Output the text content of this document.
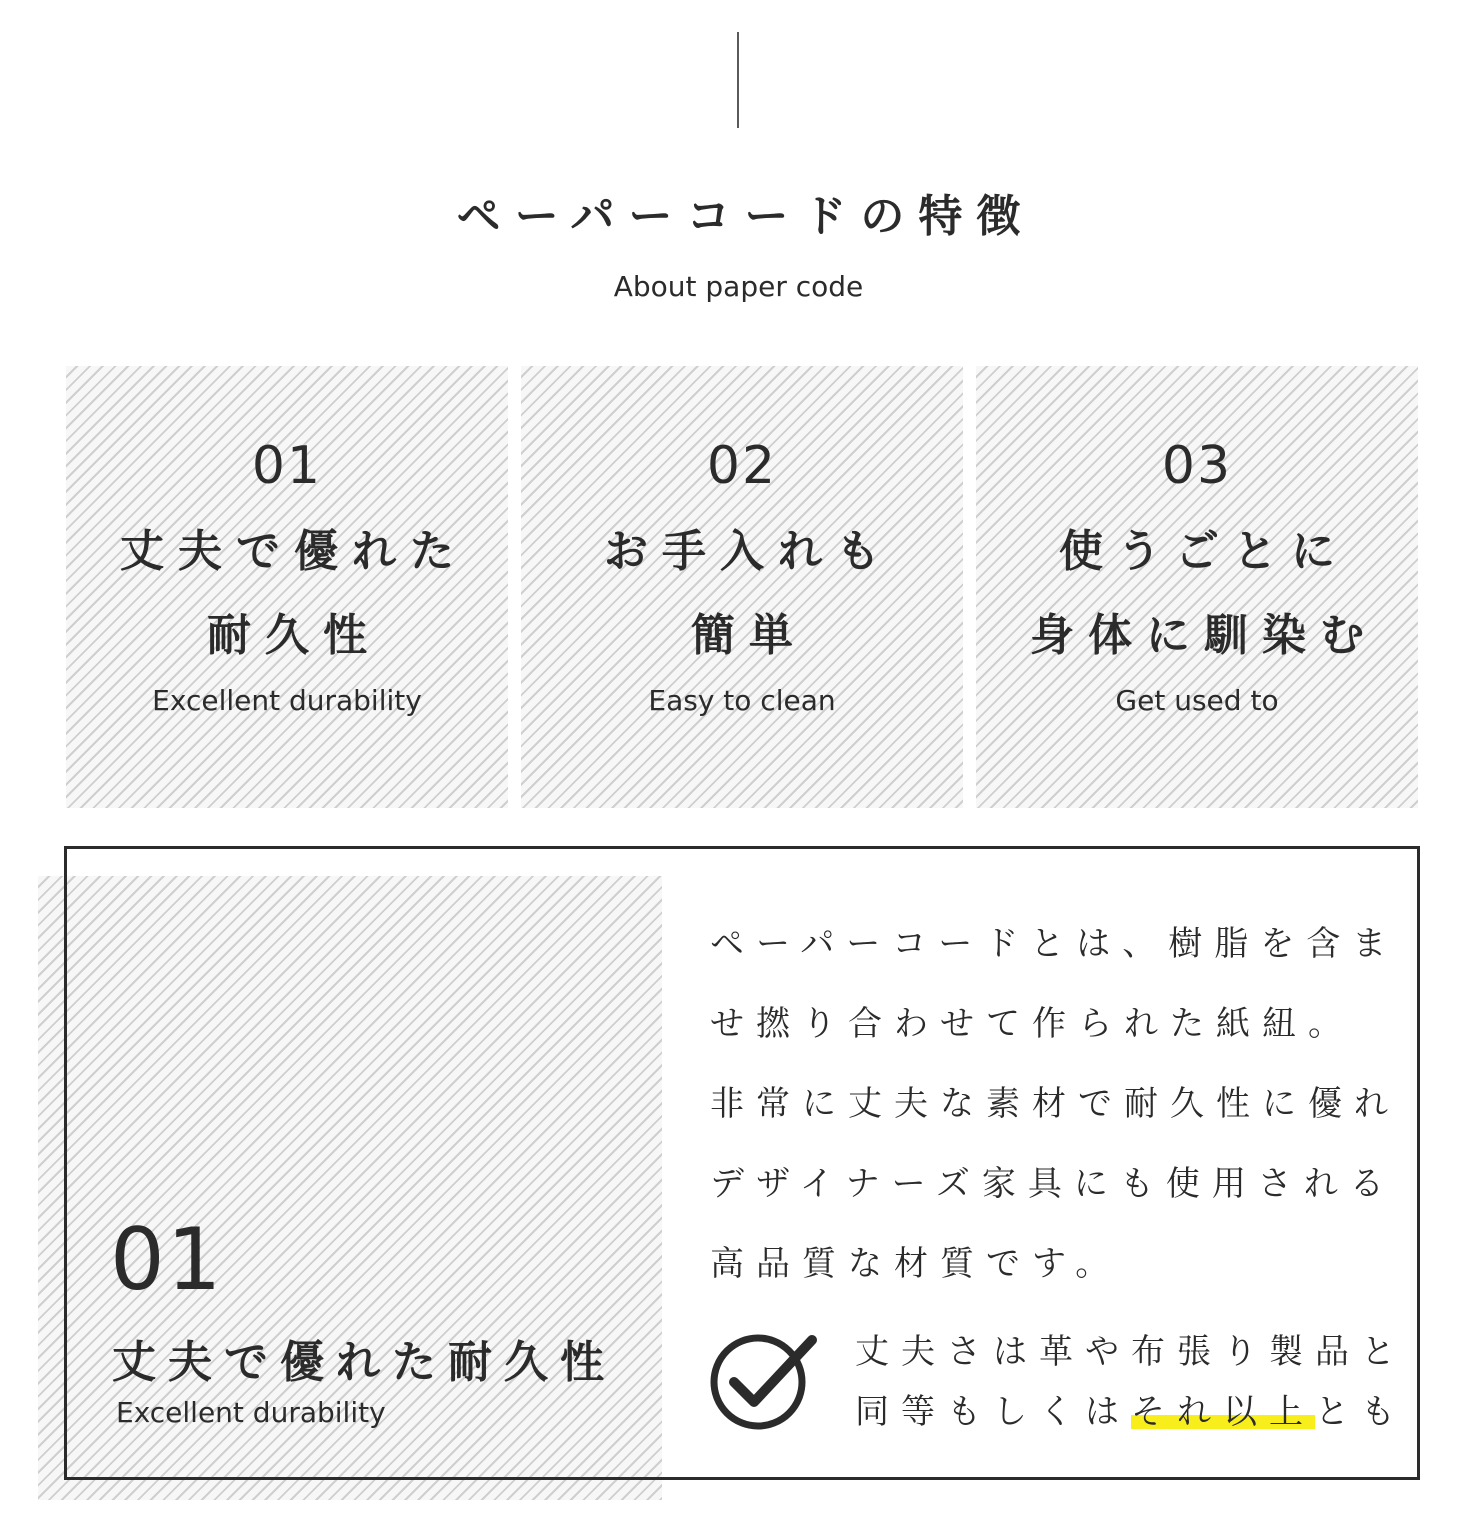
ペーパーコードの特徴
About paper code
01
丈夫で優れた
耐久性
Excellent durability
02
お手入れも
簡単
Easy to clean
03
使うごとに
身体に馴染む
Get used to
01
丈夫で優れた耐久性
Excellent durability
ペーパーコードとは、樹脂を含ま
せ撚り合わせて作られた紙紐。
非常に丈夫な素材で耐久性に優れ
デザイナーズ家具にも使用される
高品質な材質です。
丈夫さは革や布張り製品と
同等もしくはそれ以上とも
